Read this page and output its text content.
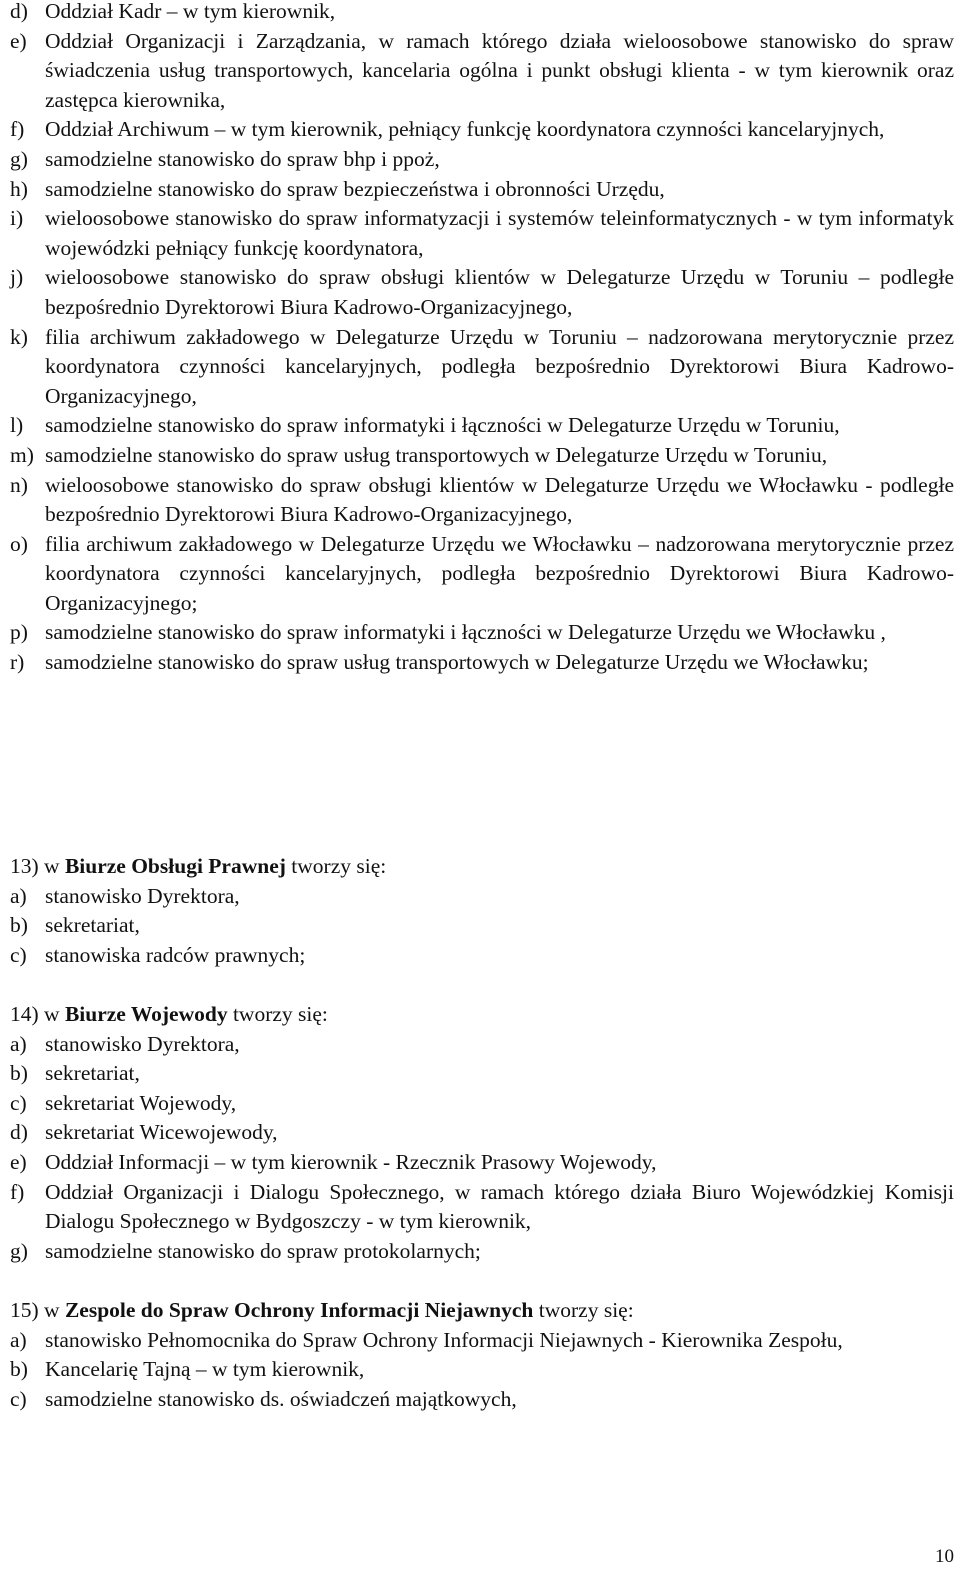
d) Oddział Kadr – w tym kierownik,
e) Oddział Organizacji i Zarządzania, w ramach którego działa wieloosobowe stanowisko do spraw świadczenia usług transportowych, kancelaria ogólna i punkt obsługi klienta - w tym kierownik oraz zastępca kierownika,
f) Oddział Archiwum – w tym kierownik, pełniący funkcję koordynatora czynności kancelaryjnych,
g) samodzielne stanowisko do spraw bhp i ppoż,
h) samodzielne stanowisko do spraw bezpieczeństwa i obronności Urzędu,
i) wieloosobowe stanowisko do spraw informatyzacji i systemów teleinformatycznych - w tym informatyk wojewódzki pełniący funkcję koordynatora,
j) wieloosobowe stanowisko do spraw obsługi klientów w Delegaturze Urzędu w Toruniu – podległe bezpośrednio Dyrektorowi Biura Kadrowo-Organizacyjnego,
k) filia archiwum zakładowego w Delegaturze Urzędu w Toruniu – nadzorowana merytorycznie przez koordynatora czynności kancelaryjnych, podległa bezpośrednio Dyrektorowi Biura Kadrowo-Organizacyjnego,
l) samodzielne stanowisko do spraw informatyki i łączności w Delegaturze Urzędu w Toruniu,
m) samodzielne stanowisko do spraw usług transportowych w Delegaturze Urzędu w Toruniu,
n) wieloosobowe stanowisko do spraw obsługi klientów w Delegaturze Urzędu we Włocławku - podległe bezpośrednio Dyrektorowi Biura Kadrowo-Organizacyjnego,
o) filia archiwum zakładowego w Delegaturze Urzędu we Włocławku – nadzorowana merytorycznie przez koordynatora czynności kancelaryjnych, podległa bezpośrednio Dyrektorowi Biura Kadrowo-Organizacyjnego;
p) samodzielne stanowisko do spraw informatyki i łączności w Delegaturze Urzędu we Włocławku ,
r) samodzielne stanowisko do spraw usług transportowych w Delegaturze Urzędu we Włocławku;
13) w Biurze Obsługi Prawnej tworzy się:
a) stanowisko Dyrektora,
b) sekretariat,
c) stanowiska radców prawnych;
14) w Biurze Wojewody tworzy się:
a) stanowisko Dyrektora,
b) sekretariat,
c) sekretariat Wojewody,
d) sekretariat Wicewojewody,
e) Oddział Informacji – w tym kierownik - Rzecznik Prasowy Wojewody,
f) Oddział Organizacji i Dialogu Społecznego, w ramach którego działa Biuro Wojewódzkiej Komisji Dialogu Społecznego w Bydgoszczy - w tym kierownik,
g) samodzielne stanowisko do spraw protokolarnych;
15) w Zespole do Spraw Ochrony Informacji Niejawnych tworzy się:
a) stanowisko Pełnomocnika do Spraw Ochrony Informacji Niejawnych - Kierownika Zespołu,
b) Kancelarię Tajną – w tym kierownik,
c) samodzielne stanowisko ds. oświadczeń majątkowych,
10
